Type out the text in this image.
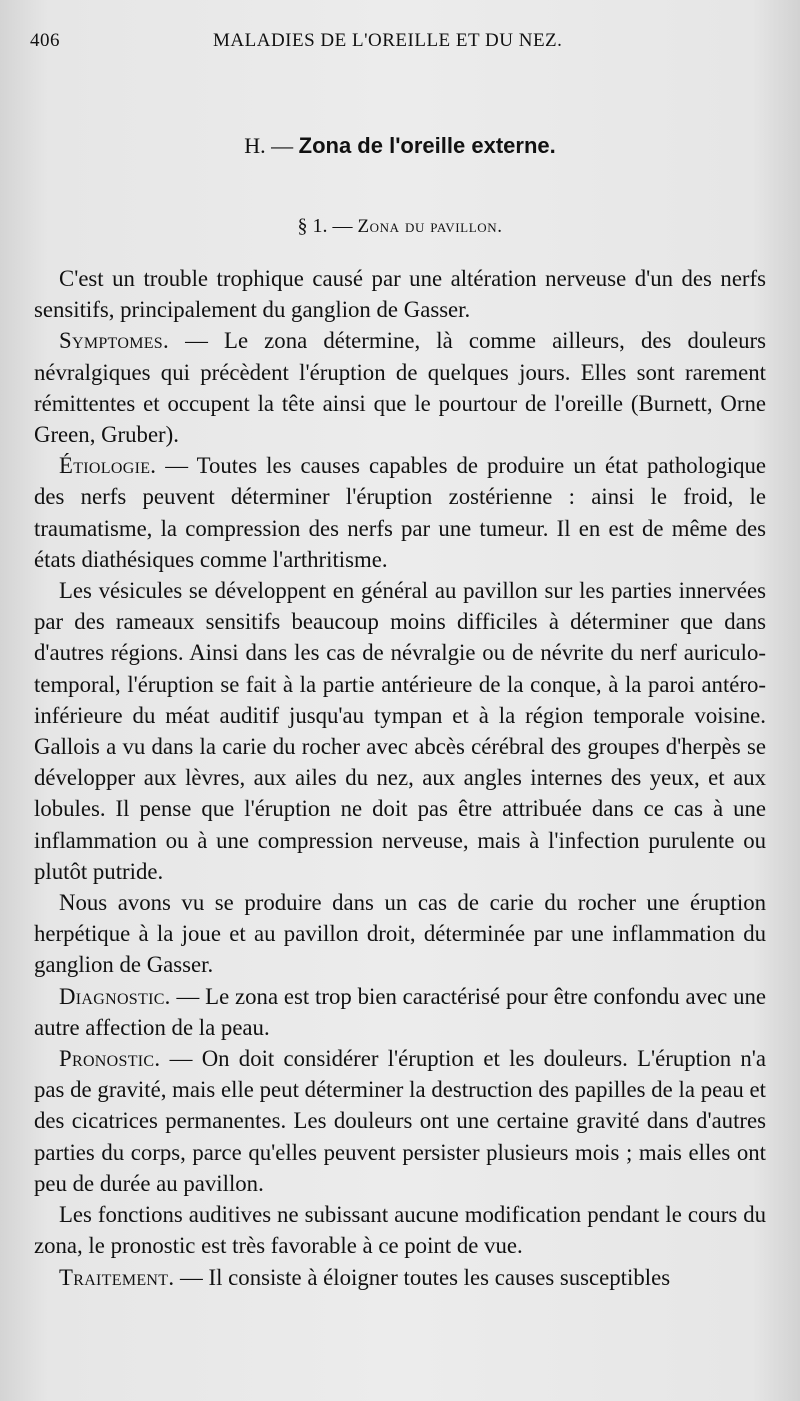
406	MALADIES DE L'OREILLE ET DU NEZ.
H. — Zona de l'oreille externe.
§ 1. — Zona du pavillon.

C'est un trouble trophique causé par une altération nerveuse d'un des nerfs sensitifs, principalement du ganglion de Gasser.

Symptomes. — Le zona détermine, là comme ailleurs, des douleurs névralgiques qui précèdent l'éruption de quelques jours. Elles sont rarement rémittentes et occupent la tête ainsi que le pourtour de l'oreille (Burnett, Orne Green, Gruber).

Étiologie. — Toutes les causes capables de produire un état pathologique des nerfs peuvent déterminer l'éruption zostérienne : ainsi le froid, le traumatisme, la compression des nerfs par une tumeur. Il en est de même des états diathésiques comme l'arthritisme.

Les vésicules se développent en général au pavillon sur les parties innervées par des rameaux sensitifs beaucoup moins difficiles à déterminer que dans d'autres régions. Ainsi dans les cas de névralgie ou de névrite du nerf auriculo-temporal, l'éruption se fait à la partie antérieure de la conque, à la paroi antéro-inférieure du méat auditif jusqu'au tympan et à la région temporale voisine. Gallois a vu dans la carie du rocher avec abcès cérébral des groupes d'herpès se développer aux lèvres, aux ailes du nez, aux angles internes des yeux, et aux lobules. Il pense que l'éruption ne doit pas être attribuée dans ce cas à une inflammation ou à une compression nerveuse, mais à l'infection purulente ou plutôt putride.

Nous avons vu se produire dans un cas de carie du rocher une éruption herpétique à la joue et au pavillon droit, déterminée par une inflammation du ganglion de Gasser.

Diagnostic. — Le zona est trop bien caractérisé pour être confondu avec une autre affection de la peau.

Pronostic. — On doit considérer l'éruption et les douleurs. L'éruption n'a pas de gravité, mais elle peut déterminer la destruction des papilles de la peau et des cicatrices permanentes. Les douleurs ont une certaine gravité dans d'autres parties du corps, parce qu'elles peuvent persister plusieurs mois ; mais elles ont peu de durée au pavillon.

Les fonctions auditives ne subissant aucune modification pendant le cours du zona, le pronostic est très favorable à ce point de vue.

Traitement. — Il consiste à éloigner toutes les causes susceptibles
